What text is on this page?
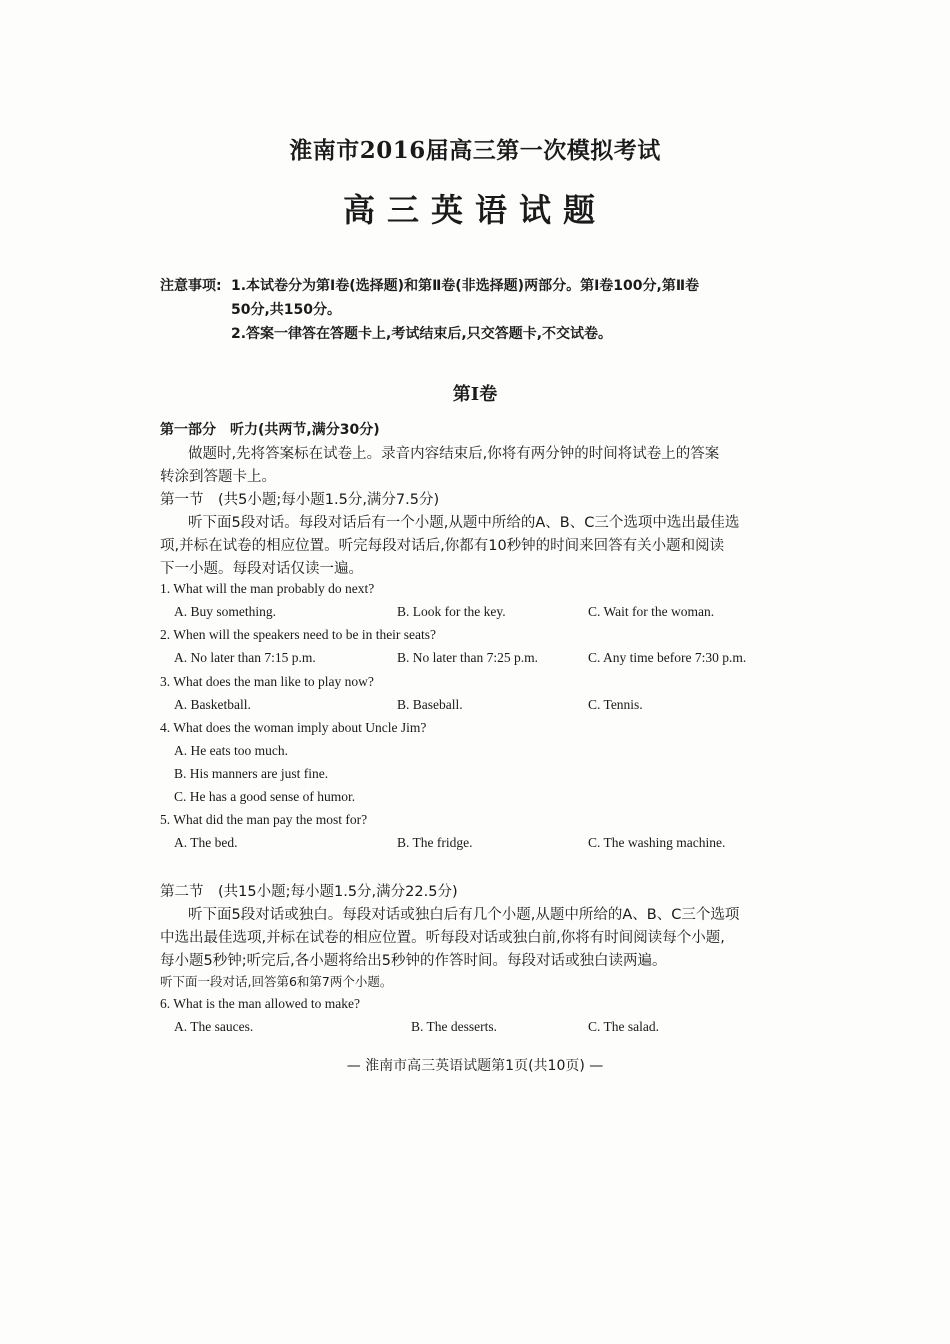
淮南市2016届高三第一次模拟考试
高三英语试题
注意事项: 1.本试卷分为第Ⅰ卷(选择题)和第Ⅱ卷(非选择题)两部分。第Ⅰ卷100分,第Ⅱ卷
50分,共150分。
2.答案一律答在答题卡上,考试结束后,只交答题卡,不交试卷。
第Ⅰ卷
第一部分　听力(共两节,满分30分)
做题时,先将答案标在试卷上。录音内容结束后,你将有两分钟的时间将试卷上的答案
转涂到答题卡上。
第一节　(共5小题;每小题1.5分,满分7.5分)
听下面5段对话。每段对话后有一个小题,从题中所给的A、B、C三个选项中选出最佳选
项,并标在试卷的相应位置。听完每段对话后,你都有10秒钟的时间来回答有关小题和阅读
下一小题。每段对话仅读一遍。
1. What will the man probably do next?
A. Buy something.	B. Look for the key.	C. Wait for the woman.
2. When will the speakers need to be in their seats?
A. No later than 7:15 p.m.	B. No later than 7:25 p.m.	C. Any time before 7:30 p.m.
3. What does the man like to play now?
A. Basketball.	B. Baseball.	C. Tennis.
4. What does the woman imply about Uncle Jim?
A. He eats too much.
B. His manners are just fine.
C. He has a good sense of humor.
5. What did the man pay the most for?
A. The bed.	B. The fridge.	C. The washing machine.
第二节　(共15小题;每小题1.5分,满分22.5分)
听下面5段对话或独白。每段对话或独白后有几个小题,从题中所给的A、B、C三个选项
中选出最佳选项,并标在试卷的相应位置。听每段对话或独白前,你将有时间阅读每个小题,
每小题5秒钟;听完后,各小题将给出5秒钟的作答时间。每段对话或独白读两遍。
听下面一段对话,回答第6和第7两个小题。
6. What is the man allowed to make?
A. The sauces.	B. The desserts.	C. The salad.
— 淮南市高三英语试题第1页(共10页) —
